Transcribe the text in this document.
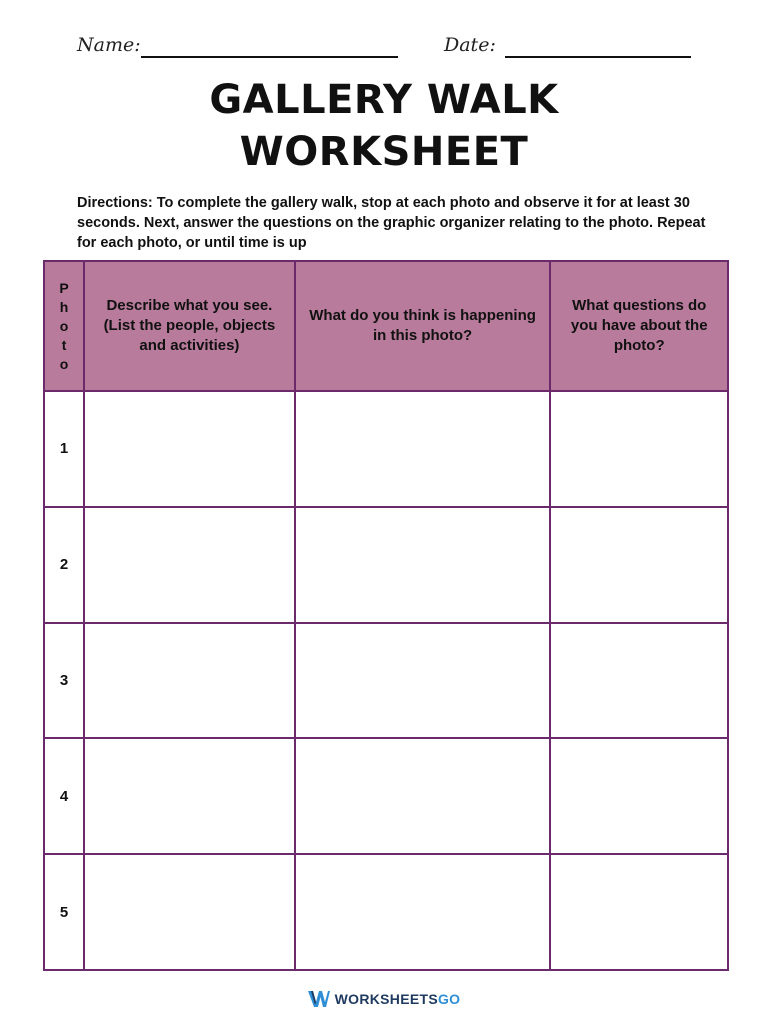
Name:	Date:
GALLERY WALK
WORKSHEET
Directions: To complete the gallery walk, stop at each photo and observe it for at least 30 seconds. Next, answer the questions on the graphic organizer relating to the photo. Repeat for each photo, or until time is up
P
h
o
t
o	Describe what you see. (List the people, objects and activities)	What do you think is happening in this photo?	What questions do you have about the photo?

1			
2			
3			
4			
5			
WORKSHEETSGO
